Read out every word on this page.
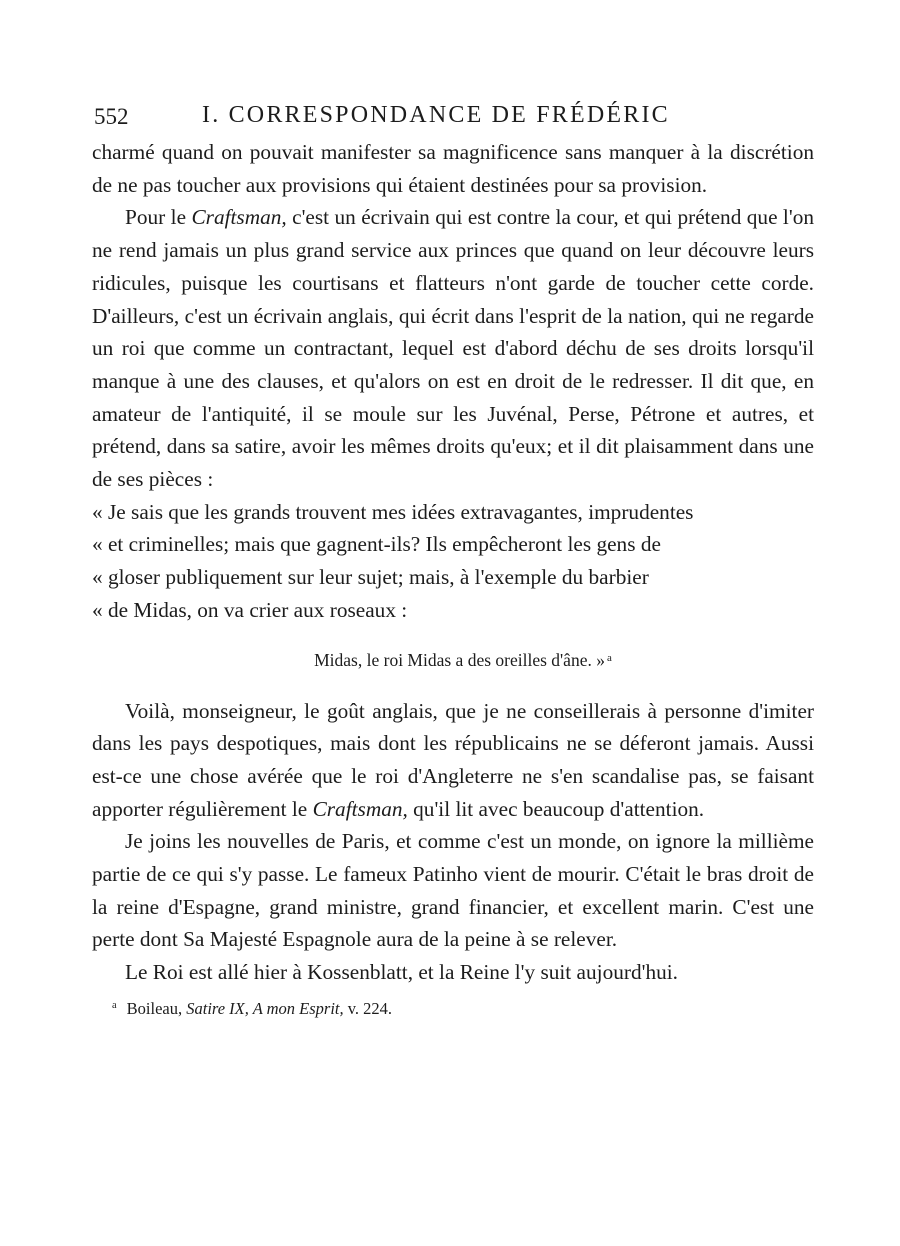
552	I. CORRESPONDANCE DE FRÉDÉRIC

charmé quand on pouvait manifester sa magnificence sans manquer à la discrétion de ne pas toucher aux provisions qui étaient destinées pour sa provision.

Pour le Craftsman, c'est un écrivain qui est contre la cour, et qui prétend que l'on ne rend jamais un plus grand service aux princes que quand on leur découvre leurs ridicules, puisque les courtisans et flatteurs n'ont garde de toucher cette corde. D'ailleurs, c'est un écrivain anglais, qui écrit dans l'esprit de la nation, qui ne regarde un roi que comme un contractant, lequel est d'abord déchu de ses droits lorsqu'il manque à une des clauses, et qu'alors on est en droit de le redresser. Il dit que, en amateur de l'antiquité, il se moule sur les Juvénal, Perse, Pétrone et autres, et prétend, dans sa satire, avoir les mêmes droits qu'eux; et il dit plaisamment dans une de ses pièces :

« Je sais que les grands trouvent mes idées extravagantes, imprudentes

« et criminelles; mais que gagnent-ils? Ils empêcheront les gens de

« gloser publiquement sur leur sujet; mais, à l'exemple du barbier

« de Midas, on va crier aux roseaux :

Midas, le roi Midas a des oreilles d'âne. » $^a$

Voilà, monseigneur, le goût anglais, que je ne conseillerais à personne d'imiter dans les pays despotiques, mais dont les républicains ne se déferont jamais. Aussi est-ce une chose avérée que le roi d'Angleterre ne s'en scandalise pas, se faisant apporter régulièrement le Craftsman, qu'il lit avec beaucoup d'attention.

Je joins les nouvelles de Paris, et comme c'est un monde, on ignore la millième partie de ce qui s'y passe. Le fameux Patinho vient de mourir. C'était le bras droit de la reine d'Espagne, grand ministre, grand financier, et excellent marin. C'est une perte dont Sa Majesté Espagnole aura de la peine à se relever.

Le Roi est allé hier à Kossenblatt, et la Reine l'y suit aujourd'hui.

$^a$ Boileau, Satire IX, A mon Esprit, v. 224.
